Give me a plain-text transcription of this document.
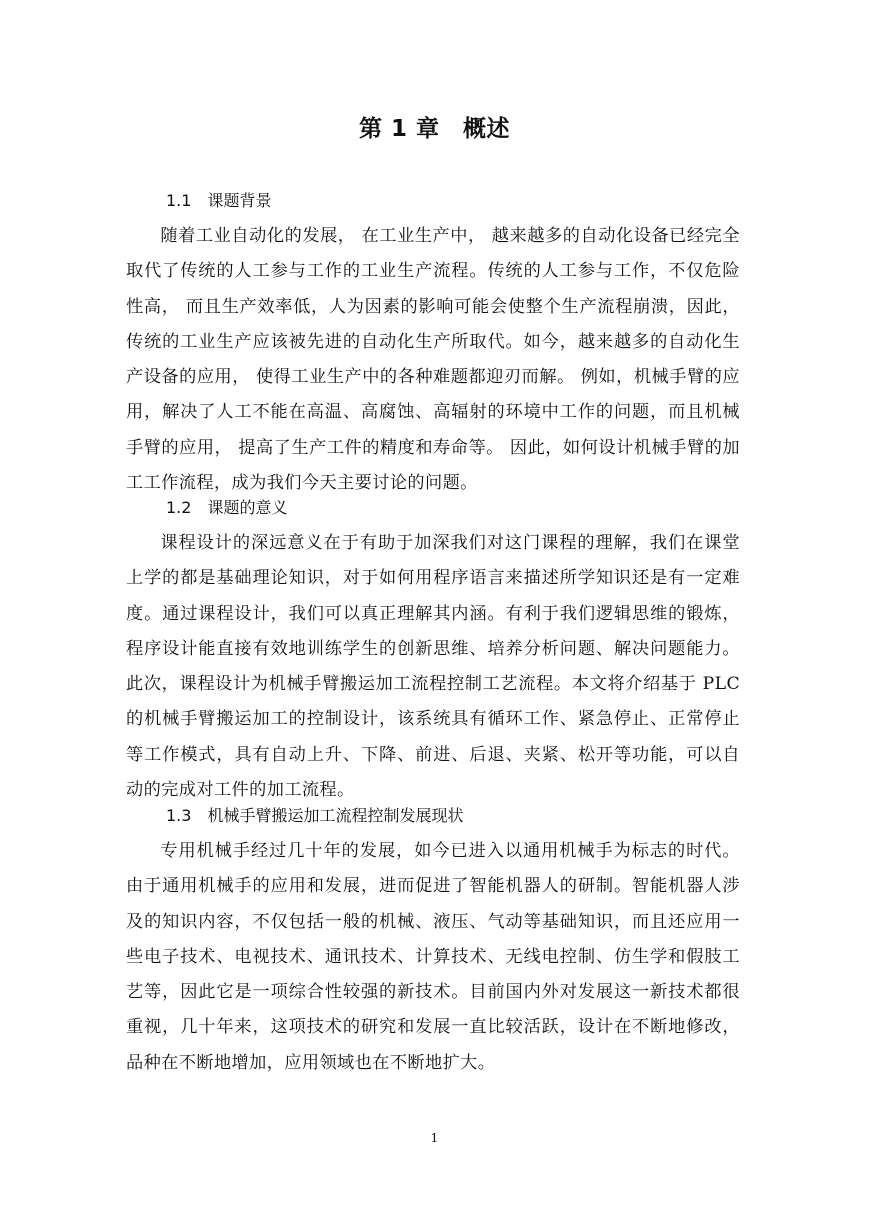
第 1 章　概述
1.1　课题背景

随着工业自动化的发展， 在工业生产中， 越来越多的自动化设备已经完全取代了传统的人工参与工作的工业生产流程。传统的人工参与工作，不仅危险性高， 而且生产效率低，人为因素的影响可能会使整个生产流程崩溃，因此，传统的工业生产应该被先进的自动化生产所取代。如今，越来越多的自动化生产设备的应用， 使得工业生产中的各种难题都迎刃而解。 例如，机械手臂的应用，解决了人工不能在高温、高腐蚀、高辐射的环境中工作的问题，而且机械手臂的应用， 提高了生产工件的精度和寿命等。 因此，如何设计机械手臂的加工工作流程，成为我们今天主要讨论的问题。

1.2　课题的意义

课程设计的深远意义在于有助于加深我们对这门课程的理解，我们在课堂上学的都是基础理论知识，对于如何用程序语言来描述所学知识还是有一定难度。通过课程设计，我们可以真正理解其内涵。有利于我们逻辑思维的锻炼，程序设计能直接有效地训练学生的创新思维、培养分析问题、解决问题能力。此次，课程设计为机械手臂搬运加工流程控制工艺流程。本文将介绍基于 PLC 的机械手臂搬运加工的控制设计，该系统具有循环工作、紧急停止、正常停止等工作模式，具有自动上升、下降、前进、后退、夹紧、松开等功能，可以自动的完成对工件的加工流程。

1.3　机械手臂搬运加工流程控制发展现状

专用机械手经过几十年的发展，如今已进入以通用机械手为标志的时代。由于通用机械手的应用和发展，进而促进了智能机器人的研制。智能机器人涉及的知识内容，不仅包括一般的机械、液压、气动等基础知识，而且还应用一些电子技术、电视技术、通讯技术、计算技术、无线电控制、仿生学和假肢工艺等，因此它是一项综合性较强的新技术。目前国内外对发展这一新技术都很重视，几十年来，这项技术的研究和发展一直比较活跃，设计在不断地修改，品种在不断地增加，应用领域也在不断地扩大。

1
